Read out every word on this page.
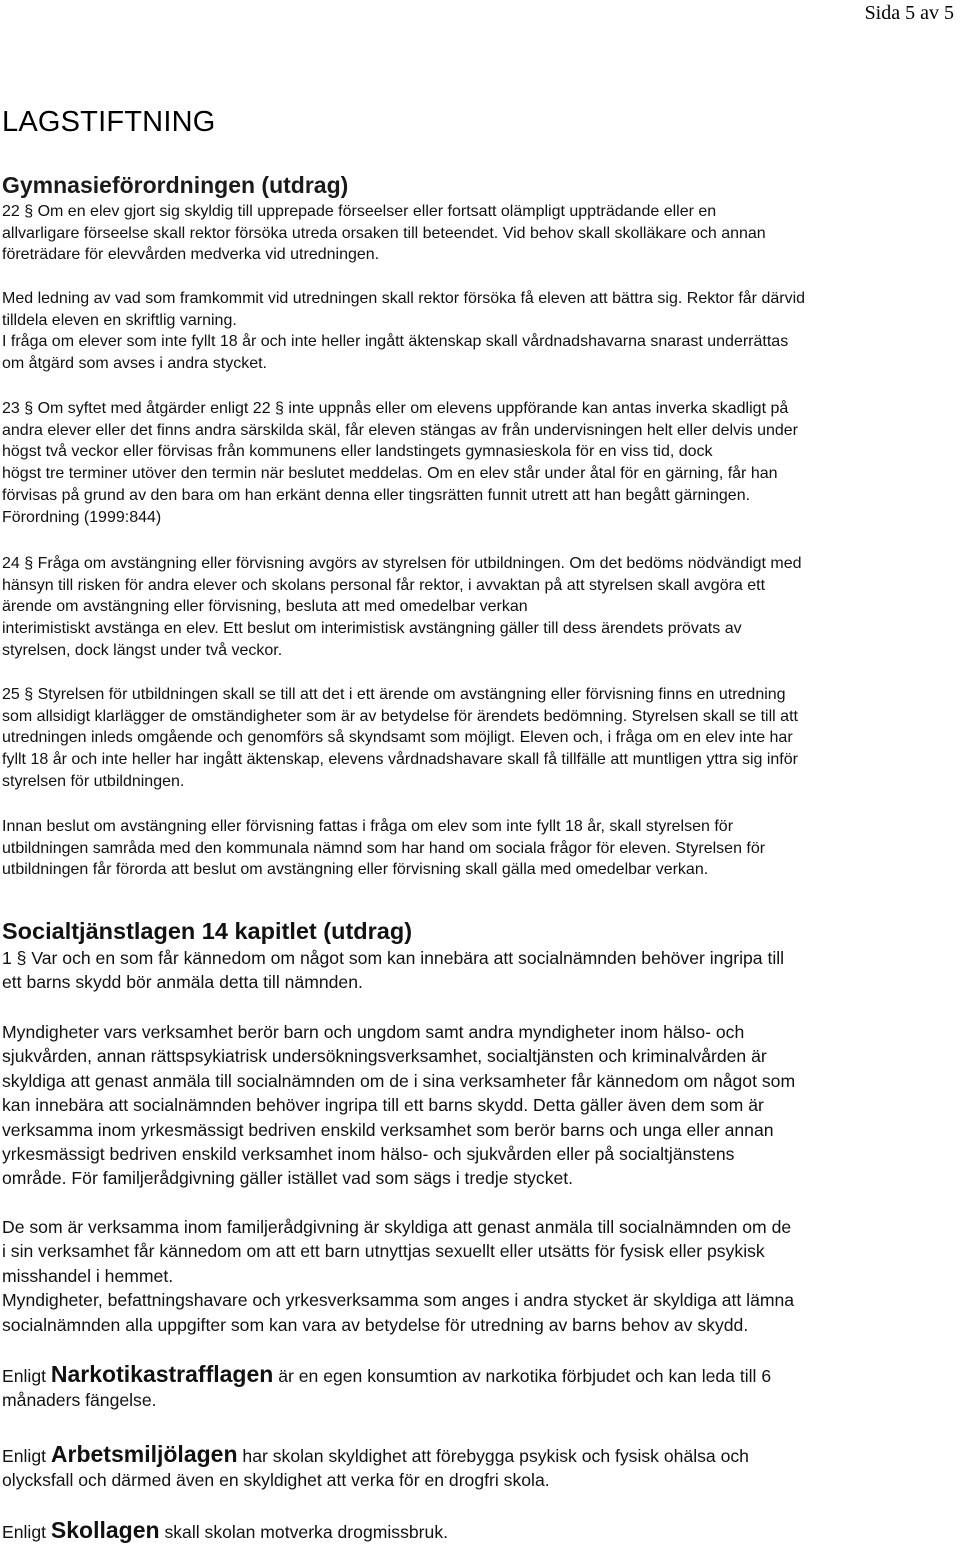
Sida 5 av 5
LAGSTIFTNING
Gymnasieförordningen (utdrag)
22 § Om en elev gjort sig skyldig till upprepade förseelser eller fortsatt olämpligt uppträdande eller en
allvarligare förseelse skall rektor försöka utreda orsaken till beteendet. Vid behov skall skolläkare och annan
företrädare för elevvården medverka vid utredningen.
Med ledning av vad som framkommit vid utredningen skall rektor försöka få eleven att bättra sig. Rektor får därvid
tilldela eleven en skriftlig varning.
I fråga om elever som inte fyllt 18 år och inte heller ingått äktenskap skall vårdnadshavarna snarast underrättas
om åtgärd som avses i andra stycket.
23 § Om syftet med åtgärder enligt 22 § inte uppnås eller om elevens uppförande kan antas inverka skadligt på
andra elever eller det finns andra särskilda skäl, får eleven stängas av från undervisningen helt eller delvis under
högst två veckor eller förvisas från kommunens eller landstingets gymnasieskola för en viss tid, dock
högst tre terminer utöver den termin när beslutet meddelas. Om en elev står under åtal för en gärning, får han
förvisas på grund av den bara om han erkänt denna eller tingsrätten funnit utrett att han begått gärningen.
Förordning (1999:844)
24 § Fråga om avstängning eller förvisning avgörs av styrelsen för utbildningen. Om det bedöms nödvändigt med
hänsyn till risken för andra elever och skolans personal får rektor, i avvaktan på att styrelsen skall avgöra ett
ärende om avstängning eller förvisning, besluta att med omedelbar verkan
interimistiskt avstänga en elev. Ett beslut om interimistisk avstängning gäller till dess ärendets prövats av
styrelsen, dock längst under två veckor.
25 § Styrelsen för utbildningen skall se till att det i ett ärende om avstängning eller förvisning finns en utredning
som allsidigt klarlägger de omständigheter som är av betydelse för ärendets bedömning. Styrelsen skall se till att
utredningen inleds omgående och genomförs så skyndsamt som möjligt. Eleven och, i fråga om en elev inte har
fyllt 18 år och inte heller har ingått äktenskap, elevens vårdnadshavare skall få tillfälle att muntligen yttra sig inför
styrelsen för utbildningen.
Innan beslut om avstängning eller förvisning fattas i fråga om elev som inte fyllt 18 år, skall styrelsen för
utbildningen samråda med den kommunala nämnd som har hand om sociala frågor för eleven. Styrelsen för
utbildningen får förorda att beslut om avstängning eller förvisning skall gälla med omedelbar verkan.
Socialtjänstlagen 14 kapitlet (utdrag)
1 § Var och en som får kännedom om något som kan innebära att socialnämnden behöver ingripa till
ett barns skydd bör anmäla detta till nämnden.
Myndigheter vars verksamhet berör barn och ungdom samt andra myndigheter inom hälso- och
sjukvården, annan rättspsykiatrisk undersökningsverksamhet, socialtjänsten och kriminalvården är
skyldiga att genast anmäla till socialnämnden om de i sina verksamheter får kännedom om något som
kan innebära att socialnämnden behöver ingripa till ett barns skydd. Detta gäller även dem som är
verksamma inom yrkesmässigt bedriven enskild verksamhet som berör barns och unga eller annan
yrkesmässigt bedriven enskild verksamhet inom hälso- och sjukvården eller på socialtjänstens
område. För familjerådgivning gäller istället vad som sägs i tredje stycket.
De som är verksamma inom familjerådgivning är skyldiga att genast anmäla till socialnämnden om de
i sin verksamhet får kännedom om att ett barn utnyttjas sexuellt eller utsätts för fysisk eller psykisk
misshandel i hemmet.
Myndigheter, befattningshavare och yrkesverksamma som anges i andra stycket är skyldiga att lämna
socialnämnden alla uppgifter som kan vara av betydelse för utredning av barns behov av skydd.
Enligt Narkotikastrafflagen är en egen konsumtion av narkotika förbjudet och kan leda till 6
månaders fängelse.
Enligt Arbetsmiljölagen har skolan skyldighet att förebygga psykisk och fysisk ohälsa och
olycksfall och därmed även en skyldighet att verka för en drogfri skola.
Enligt Skollagen skall skolan motverka drogmissbruk.
